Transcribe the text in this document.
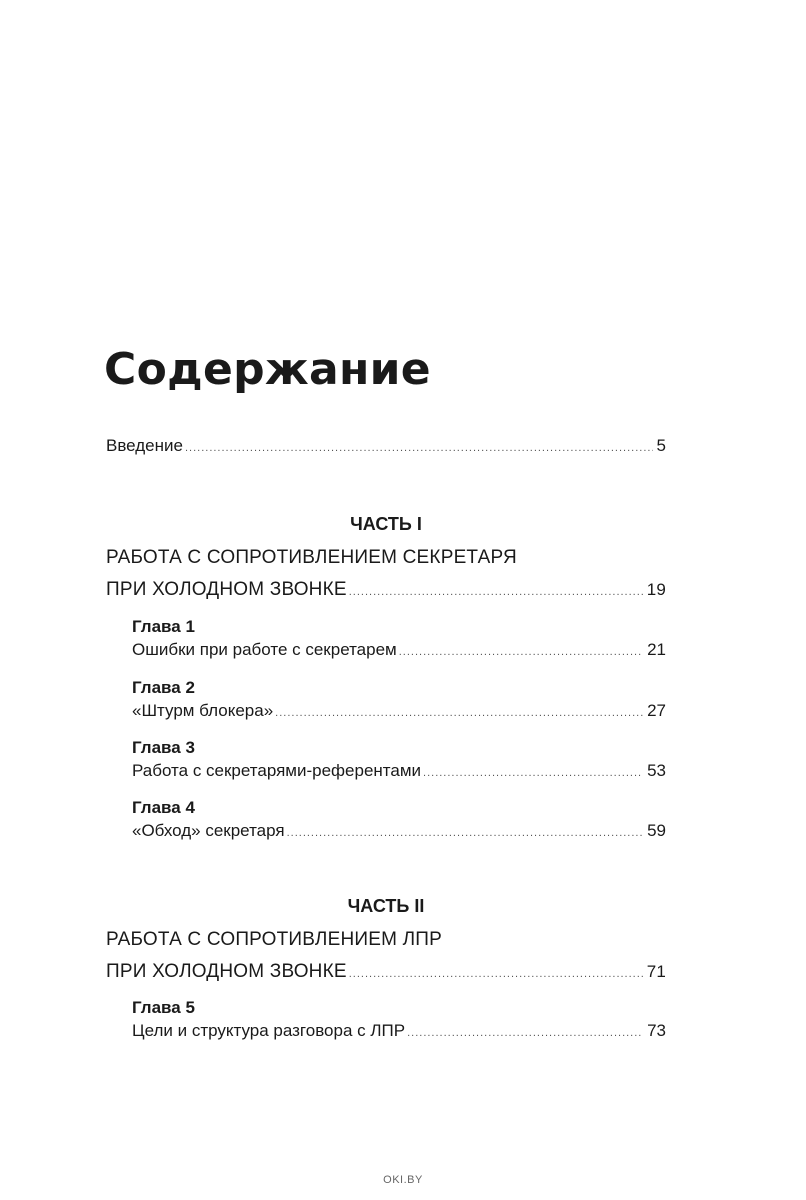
Содержание
Введение .....	5
ЧАСТЬ I
РАБОТА С СОПРОТИВЛЕНИЕМ СЕКРЕТАРЯ
ПРИ ХОЛОДНОМ ЗВОНКЕ .....	19
Глава 1
Ошибки при работе с секретарем .....	21
Глава 2
«Штурм блокера» .....	27
Глава 3
Работа с секретарями-референтами .....	53
Глава 4
«Обход» секретаря .....	59
ЧАСТЬ II
РАБОТА С СОПРОТИВЛЕНИЕМ ЛПР
ПРИ ХОЛОДНОМ ЗВОНКЕ .....	71
Глава 5
Цели и структура разговора с ЛПР .....	73
OKI.BY
